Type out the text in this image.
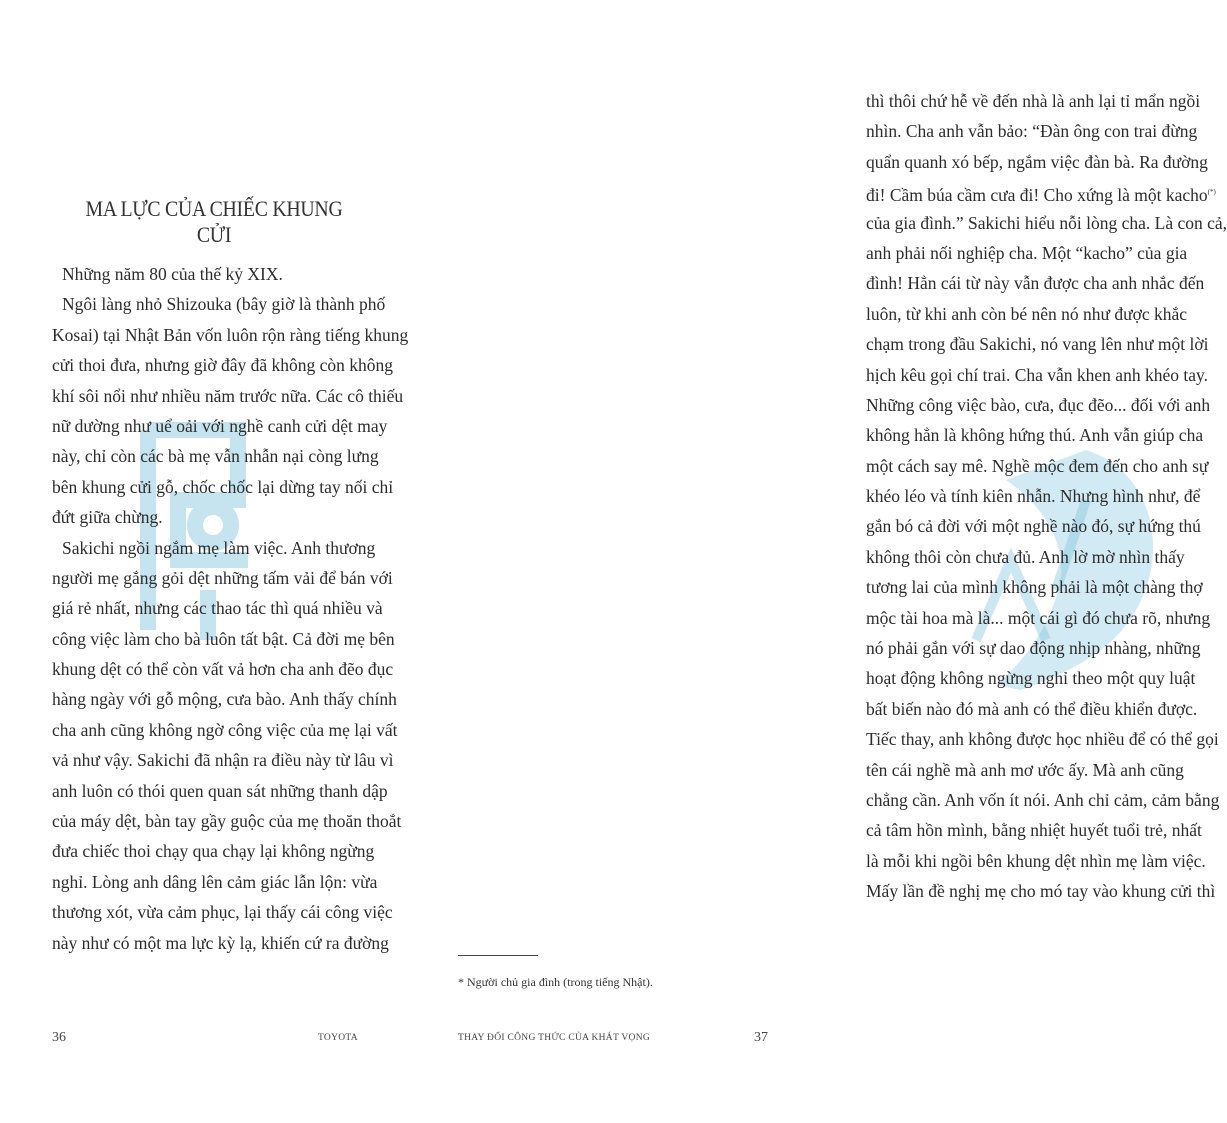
MA LỰC CỦA CHIẾC KHUNG CỬI
Những năm 80 của thế kỷ XIX.
Ngôi làng nhỏ Shizouka (bây giờ là thành phố
Kosai) tại Nhật Bản vốn luôn rộn ràng tiếng khung
cửi thoi đưa, nhưng giờ đây đã không còn không
khí sôi nổi như nhiều năm trước nữa. Các cô thiếu
nữ dường như uể oải với nghề canh cửi dệt may
này, chỉ còn các bà mẹ vẫn nhẫn nại còng lưng
bên khung cửi gỗ, chốc chốc lại dừng tay nối chỉ
đứt giữa chừng.
Sakichi ngồi ngắm mẹ làm việc. Anh thương
người mẹ gắng gỏi dệt những tấm vải để bán với
giá rẻ nhất, nhưng các thao tác thì quá nhiều và
công việc làm cho bà luôn tất bật. Cả đời mẹ bên
khung dệt có thể còn vất vả hơn cha anh đẽo đục
hàng ngày với gỗ mộng, cưa bào. Anh thấy chính
cha anh cũng không ngờ công việc của mẹ lại vất
vả như vậy. Sakichi đã nhận ra điều này từ lâu vì
anh luôn có thói quen quan sát những thanh dập
của máy dệt, bàn tay gầy guộc của mẹ thoăn thoắt
đưa chiếc thoi chạy qua chạy lại không ngừng
nghỉ. Lòng anh dâng lên cảm giác lẫn lộn: vừa
thương xót, vừa cảm phục, lại thấy cái công việc
này như có một ma lực kỳ lạ, khiến cứ ra đường
36	TOYOTA
thì thôi chứ hễ về đến nhà là anh lại tỉ mẩn ngồi
nhìn. Cha anh vẫn bảo: “Đàn ông con trai đừng
quẩn quanh xó bếp, ngắm việc đàn bà. Ra đường
đi! Cầm búa cầm cưa đi! Cho xứng là một kacho(*)
của gia đình.” Sakichi hiểu nỗi lòng cha. Là con cả,
anh phải nối nghiệp cha. Một “kacho” của gia
đình! Hẳn cái từ này vẫn được cha anh nhắc đến
luôn, từ khi anh còn bé nên nó như được khắc
chạm trong đầu Sakichi, nó vang lên như một lời
hịch kêu gọi chí trai. Cha vẫn khen anh khéo tay.
Những công việc bào, cưa, đục đẽo... đối với anh
không hẳn là không hứng thú. Anh vẫn giúp cha
một cách say mê. Nghề mộc đem đến cho anh sự
khéo léo và tính kiên nhẫn. Nhưng hình như, để
gắn bó cả đời với một nghề nào đó, sự hứng thú
không thôi còn chưa đủ. Anh lờ mờ nhìn thấy
tương lai của mình không phải là một chàng thợ
mộc tài hoa mà là... một cái gì đó chưa rõ, nhưng
nó phải gắn với sự dao động nhịp nhàng, những
hoạt động không ngừng nghỉ theo một quy luật
bất biến nào đó mà anh có thể điều khiển được.
Tiếc thay, anh không được học nhiều để có thể gọi
tên cái nghề mà anh mơ ước ấy. Mà anh cũng
chẳng cần. Anh vốn ít nói. Anh chỉ cảm, cảm bằng
cả tâm hồn mình, bằng nhiệt huyết tuổi trẻ, nhất
là mỗi khi ngồi bên khung dệt nhìn mẹ làm việc.
Mấy lần đề nghị mẹ cho mó tay vào khung cửi thì
* Người chủ gia đình (trong tiếng Nhật).
THAY ĐỔI CÔNG THỨC CỦA KHÁT VỌNG	37
